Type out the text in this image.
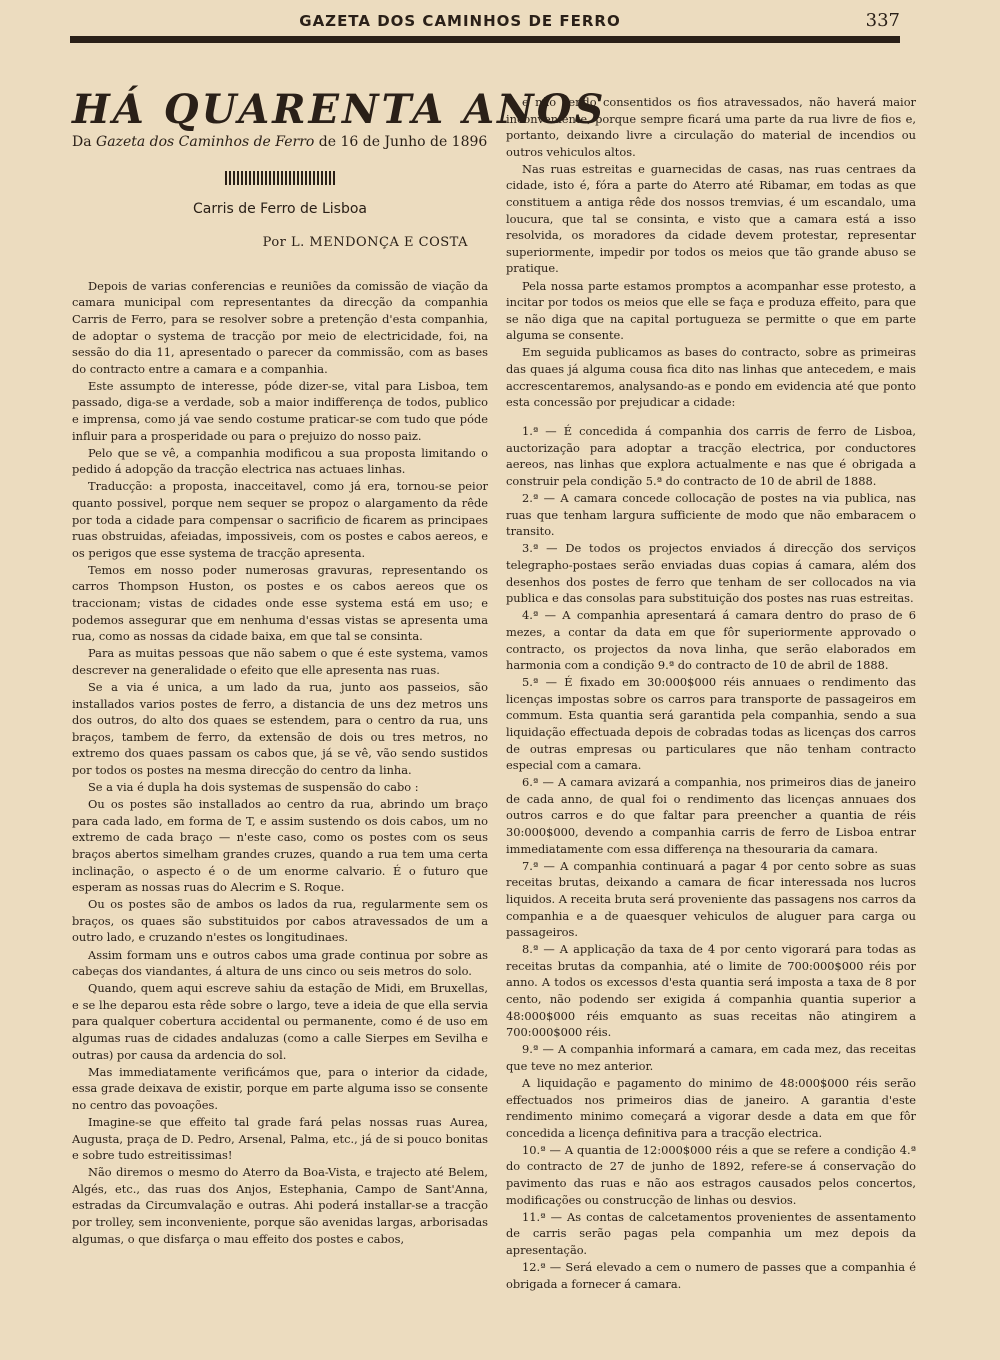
GAZETA DOS CAMINHOS DE FERRO	337
HÁ QUARENTA ANOS
Da Gazeta dos Caminhos de Ferro de 16 de Junho de 1896
Carris de Ferro de Lisboa
Por L. MENDONÇA E COSTA

Depois de varias conferencias e reuniões da comissão de viação da camara municipal com representantes da direcção da companhia Carris de Ferro, para se resolver sobre a pretenção d'esta companhia, de adoptar o systema de tracção por meio de electricidade, foi, na sessão do dia 11, apresentado o parecer da commissão, com as bases do contracto entre a camara e a companhia.

Este assumpto de interesse, póde dizer-se, vital para Lisboa, tem passado, diga-se a verdade, sob a maior indifferença de todos, publico e imprensa, como já vae sendo costume praticar-se com tudo que póde influir para a prosperidade ou para o prejuizo do nosso paiz.

Pelo que se vê, a companhia modificou a sua proposta limitando o pedido á adopção da tracção electrica nas actuaes linhas.

Traducção: a proposta, inacceitavel, como já era, tornou-se peior quanto possivel, porque nem sequer se propoz o alargamento da rêde por toda a cidade para compensar o sacrificio de ficarem as principaes ruas obstruidas, afeiadas, impossiveis, com os postes e cabos aereos, e os perigos que esse systema de tracção apresenta.

Temos em nosso poder numerosas gravuras, representando os carros Thompson Huston, os postes e os cabos aereos que os traccionam; vistas de cidades onde esse systema está em uso; e podemos assegurar que em nenhuma d'essas vistas se apresenta uma rua, como as nossas da cidade baixa, em que tal se consinta.

Para as muitas pessoas que não sabem o que é este systema, vamos descrever na generalidade o efeito que elle apresenta nas ruas.

Se a via é unica, a um lado da rua, junto aos passeios, são installados varios postes de ferro, a distancia de uns dez metros uns dos outros, do alto dos quaes se estendem, para o centro da rua, uns braços, tambem de ferro, da extensão de dois ou tres metros, no extremo dos quaes passam os cabos que, já se vê, vão sendo sustidos por todos os postes na mesma direcção do centro da linha.

Se a via é dupla ha dois systemas de suspensão do cabo :

Ou os postes são installados ao centro da rua, abrindo um braço para cada lado, em forma de T, e assim sustendo os dois cabos, um no extremo de cada braço — n'este caso, como os postes com os seus braços abertos simelham grandes cruzes, quando a rua tem uma certa inclinação, o aspecto é o de um enorme calvario. É o futuro que esperam as nossas ruas do Alecrim e S. Roque.

Ou os postes são de ambos os lados da rua, regularmente sem os braços, os quaes são substituidos por cabos atravessados de um a outro lado, e cruzando n'estes os longitudinaes.

Assim formam uns e outros cabos uma grade continua por sobre as cabeças dos viandantes, á altura de uns cinco ou seis metros do solo.

Quando, quem aqui escreve sahiu da estação de Midi, em Bruxellas, e se lhe deparou esta rêde sobre o largo, teve a ideia de que ella servia para qualquer cobertura accidental ou permanente, como é de uso em algumas ruas de cidades andaluzas (como a calle Sierpes em Sevilha e outras) por causa da ardencia do sol.

Mas immediatamente verificámos que, para o interior da cidade, essa grade deixava de existir, porque em parte alguma isso se consente no centro das povoações.

Imagine-se que effeito tal grade fará pelas nossas ruas Aurea, Augusta, praça de D. Pedro, Arsenal, Palma, etc., já de si pouco bonitas e sobre tudo estreitissimas!

Não diremos o mesmo do Aterro da Boa-Vista, e trajecto até Belem, Algés, etc., das ruas dos Anjos, Estephania, Campo de Sant'Anna, estradas da Circumvalação e outras. Ahi poderá installar-se a tracção por trolley, sem inconveniente, porque são avenidas largas, arborisadas algumas, o que disfarça o mau effeito dos postes e cabos,

e não sendo consentidos os fios atravessados, não haverá maior inconveniente, porque sempre ficará uma parte da rua livre de fios e, portanto, deixando livre a circulação do material de incendios ou outros vehiculos altos.

Nas ruas estreitas e guarnecidas de casas, nas ruas centraes da cidade, isto é, fóra a parte do Aterro até Ribamar, em todas as que constituem a antiga rêde dos nossos tremvias, é um escandalo, uma loucura, que tal se consinta, e visto que a camara está a isso resolvida, os moradores da cidade devem protestar, representar superiormente, impedir por todos os meios que tão grande abuso se pratique.

Pela nossa parte estamos promptos a acompanhar esse protesto, a incitar por todos os meios que elle se faça e produza effeito, para que se não diga que na capital portugueza se permitte o que em parte alguma se consente.

Em seguida publicamos as bases do contracto, sobre as primeiras das quaes já alguma cousa fica dito nas linhas que antecedem, e mais accrescentaremos, analysando-as e pondo em evidencia até que ponto esta concessão por prejudicar a cidade:

1.ª — É concedida á companhia dos carris de ferro de Lisboa, auctorização para adoptar a tracção electrica, por conductores aereos, nas linhas que explora actualmente e nas que é obrigada a construir pela condição 5.ª do contracto de 10 de abril de 1888.

2.ª — A camara concede collocação de postes na via publica, nas ruas que tenham largura sufficiente de modo que não embaracem o transito.

3.ª — De todos os projectos enviados á direcção dos serviços telegrapho-postaes serão enviadas duas copias á camara, além dos desenhos dos postes de ferro que tenham de ser collocados na via publica e das consolas para substituição dos postes nas ruas estreitas.

4.ª — A companhia apresentará á camara dentro do praso de 6 mezes, a contar da data em que fôr superiormente approvado o contracto, os projectos da nova linha, que serão elaborados em harmonia com a condição 9.ª do contracto de 10 de abril de 1888.

5.ª — É fixado em 30:000$000 réis annuaes o rendimento das licenças impostas sobre os carros para transporte de passageiros em commum. Esta quantia será garantida pela companhia, sendo a sua liquidação effectuada depois de cobradas todas as licenças dos carros de outras empresas ou particulares que não tenham contracto especial com a camara.

6.ª — A camara avizará a companhia, nos primeiros dias de janeiro de cada anno, de qual foi o rendimento das licenças annuaes dos outros carros e do que faltar para preencher a quantia de réis 30:000$000, devendo a companhia carris de ferro de Lisboa entrar immediatamente com essa differença na thesouraria da camara.

7.ª — A companhia continuará a pagar 4 por cento sobre as suas receitas brutas, deixando a camara de ficar interessada nos lucros liquidos. A receita bruta será proveniente das passagens nos carros da companhia e a de quaesquer vehiculos de aluguer para carga ou passageiros.

8.ª — A applicação da taxa de 4 por cento vigorará para todas as receitas brutas da companhia, até o limite de 700:000$000 réis por anno. A todos os excessos d'esta quantia será imposta a taxa de 8 por cento, não podendo ser exigida á companhia quantia superior a 48:000$000 réis emquanto as suas receitas não atingirem a 700:000$000 réis.

9.ª — A companhia informará a camara, em cada mez, das receitas que teve no mez anterior.

A liquidação e pagamento do minimo de 48:000$000 réis serão effectuados nos primeiros dias de janeiro. A garantia d'este rendimento minimo começará a vigorar desde a data em que fôr concedida a licença definitiva para a tracção electrica.

10.ª — A quantia de 12:000$000 réis a que se refere a condição 4.ª do contracto de 27 de junho de 1892, refere-se á conservação do pavimento das ruas e não aos estragos causados pelos concertos, modificações ou construcção de linhas ou desvios.

11.ª — As contas de calcetamentos provenientes de assentamento de carris serão pagas pela companhia um mez depois da apresentação.

12.ª — Será elevado a cem o numero de passes que a companhia é obrigada a fornecer á camara.
